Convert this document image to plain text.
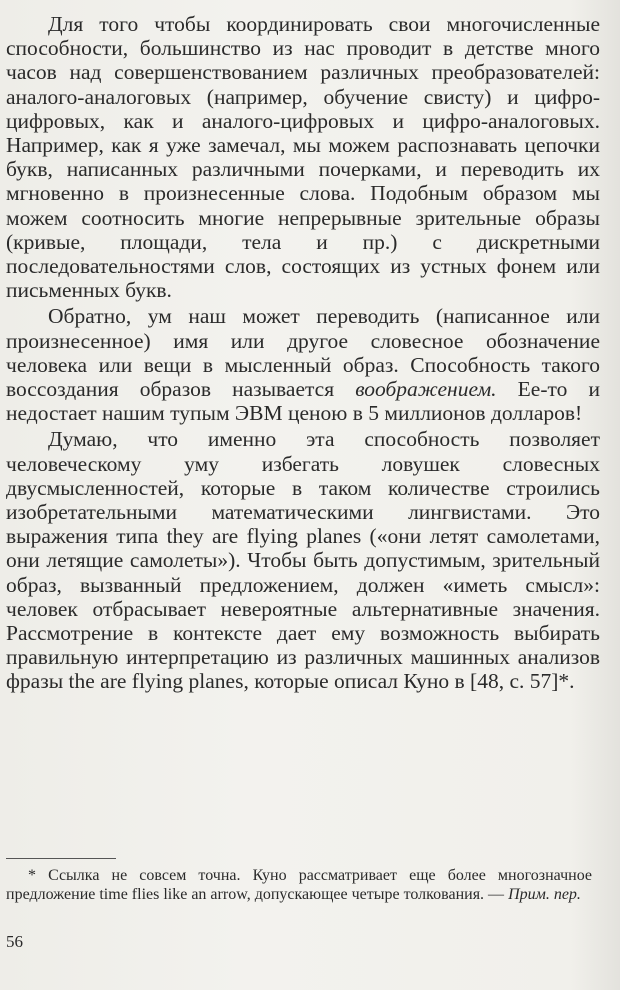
Для того чтобы координировать свои многочисленные способности, большинство из нас проводит в детстве много часов над совершенствованием различных преобразователей: аналого-аналоговых (например, обучение свисту) и цифро-цифровых, как и аналого-цифровых и цифро-аналоговых. Например, как я уже замечал, мы можем распознавать цепочки букв, написанных различными почерками, и переводить их мгновенно в произнесенные слова. Подобным образом мы можем соотносить многие непрерывные зрительные образы (кривые, площади, тела и пр.) с дискретными последовательностями слов, состоящих из устных фонем или письменных букв.

Обратно, ум наш может переводить (написанное или произнесенное) имя или другое словесное обозначение человека или вещи в мысленный образ. Способность такого воссоздания образов называется воображением. Ее-то и недостает нашим тупым ЭВМ ценою в 5 миллионов долларов!

Думаю, что именно эта способность позволяет человеческому уму избегать ловушек словесных двусмысленностей, которые в таком количестве строились изобретательными математическими лингвистами. Это выражения типа they are flying planes («они летят самолетами, они летящие самолеты»). Чтобы быть допустимым, зрительный образ, вызванный предложением, должен «иметь смысл»: человек отбрасывает невероятные альтернативные значения. Рассмотрение в контексте дает ему возможность выбирать правильную интерпретацию из различных машинных анализов фразы the are flying planes, которые описал Куно в [48, с. 57]*.

* Ссылка не совсем точна. Куно рассматривает еще более многозначное предложение time flies like an arrow, допускающее четыре толкования. — Прим. пер.

56
